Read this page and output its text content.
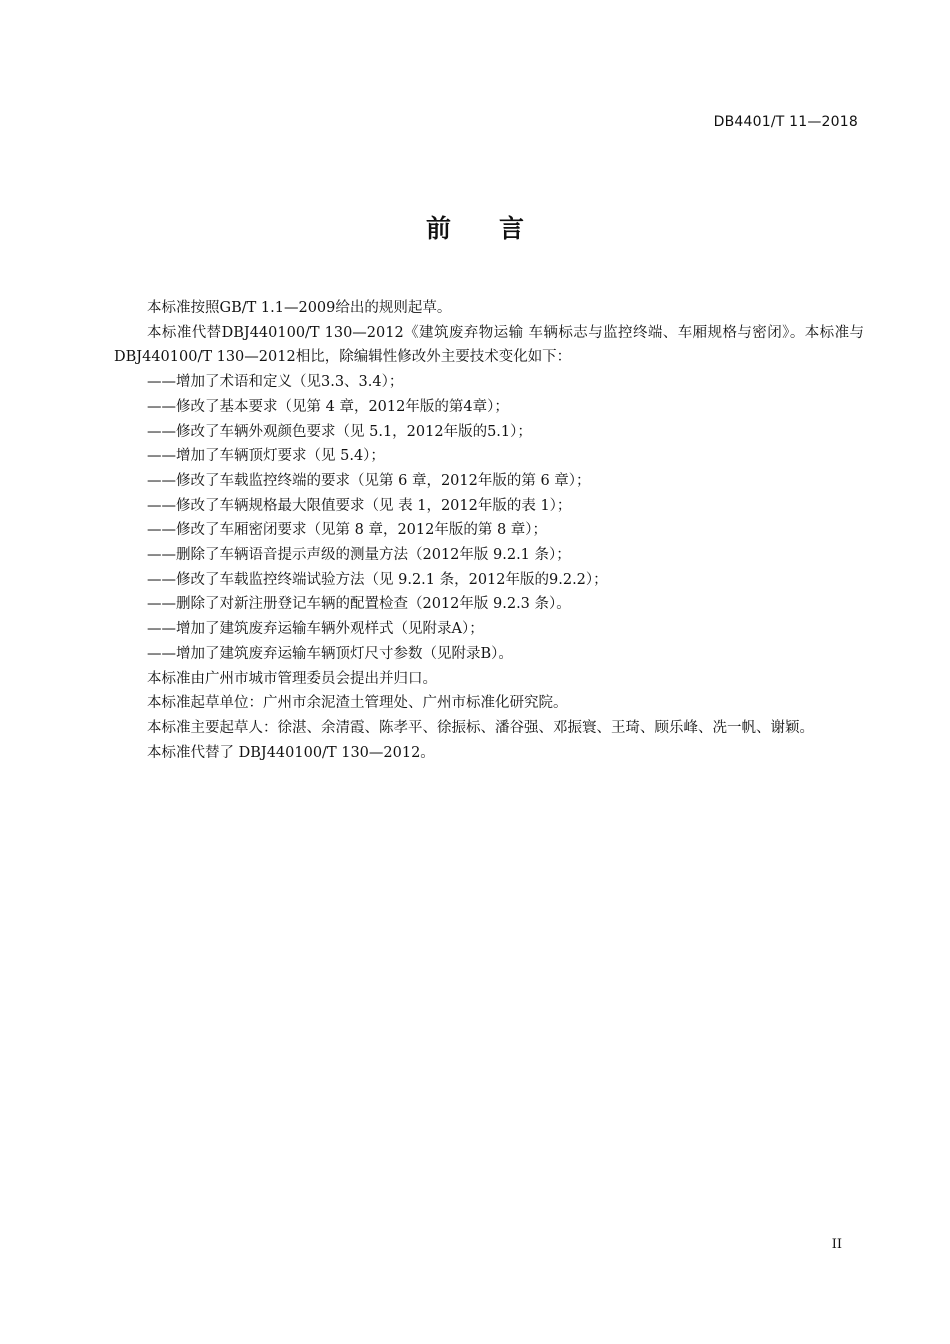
DB4401/T 11—2018
前言

本标准按照GB/T 1.1—2009给出的规则起草。

本标准代替DBJ440100/T 130—2012《建筑废弃物运输 车辆标志与监控终端、车厢规格与密闭》。本标准与DBJ440100/T 130—2012相比，除编辑性修改外主要技术变化如下：

——增加了术语和定义（见3.3、3.4）；
——修改了基本要求（见第 4 章，2012年版的第4章）；
——修改了车辆外观颜色要求（见 5.1，2012年版的5.1）；
——增加了车辆顶灯要求（见 5.4）；
——修改了车载监控终端的要求（见第 6 章，2012年版的第 6 章）；
——修改了车辆规格最大限值要求（见 表 1，2012年版的表 1）；
——修改了车厢密闭要求（见第 8 章，2012年版的第 8 章）；
——删除了车辆语音提示声级的测量方法（2012年版 9.2.1 条）；
——修改了车载监控终端试验方法（见 9.2.1 条，2012年版的9.2.2）；
——删除了对新注册登记车辆的配置检查（2012年版 9.2.3 条）。
——增加了建筑废弃运输车辆外观样式（见附录A）；
——增加了建筑废弃运输车辆顶灯尺寸参数（见附录B）。

本标准由广州市城市管理委员会提出并归口。

本标准起草单位：广州市余泥渣土管理处、广州市标准化研究院。

本标准主要起草人：徐湛、余清霞、陈孝平、徐振标、潘谷强、邓振寰、王琦、顾乐峰、冼一帆、谢颖。

本标准代替了 DBJ440100/T 130—2012。

II
